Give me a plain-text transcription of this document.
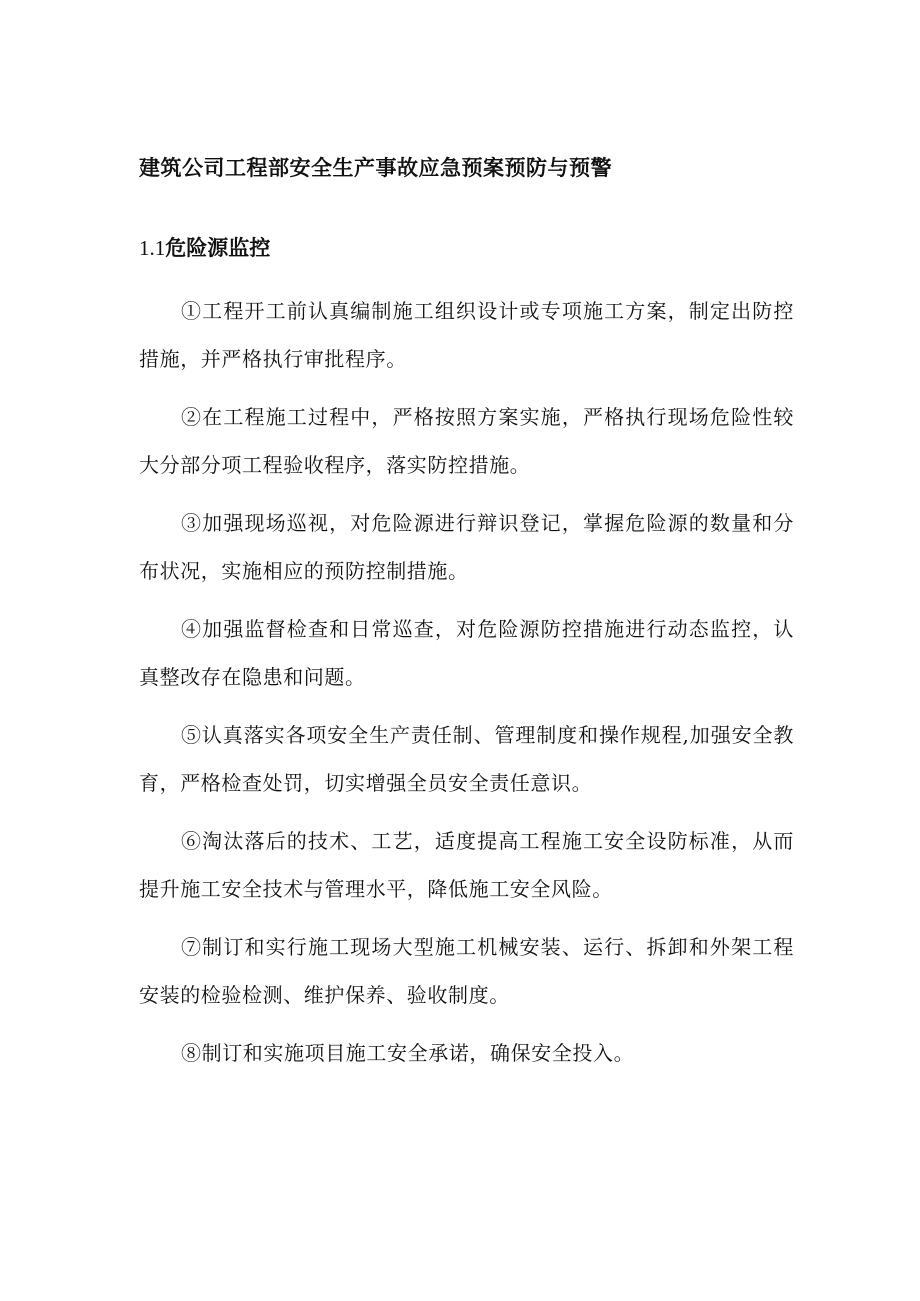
建筑公司工程部安全生产事故应急预案预防与预警
1.1危险源监控

①工程开工前认真编制施工组织设计或专项施工方案，制定出防控措施，并严格执行审批程序。

②在工程施工过程中，严格按照方案实施，严格执行现场危险性较大分部分项工程验收程序，落实防控措施。

③加强现场巡视，对危险源进行辩识登记，掌握危险源的数量和分布状况，实施相应的预防控制措施。

④加强监督检查和日常巡查，对危险源防控措施进行动态监控，认真整改存在隐患和问题。

⑤认真落实各项安全生产责任制、管理制度和操作规程,加强安全教育，严格检查处罚，切实增强全员安全责任意识。

⑥淘汰落后的技术、工艺，适度提高工程施工安全设防标准，从而提升施工安全技术与管理水平，降低施工安全风险。

⑦制订和实行施工现场大型施工机械安装、运行、拆卸和外架工程安装的检验检测、维护保养、验收制度。

⑧制订和实施项目施工安全承诺，确保安全投入。
